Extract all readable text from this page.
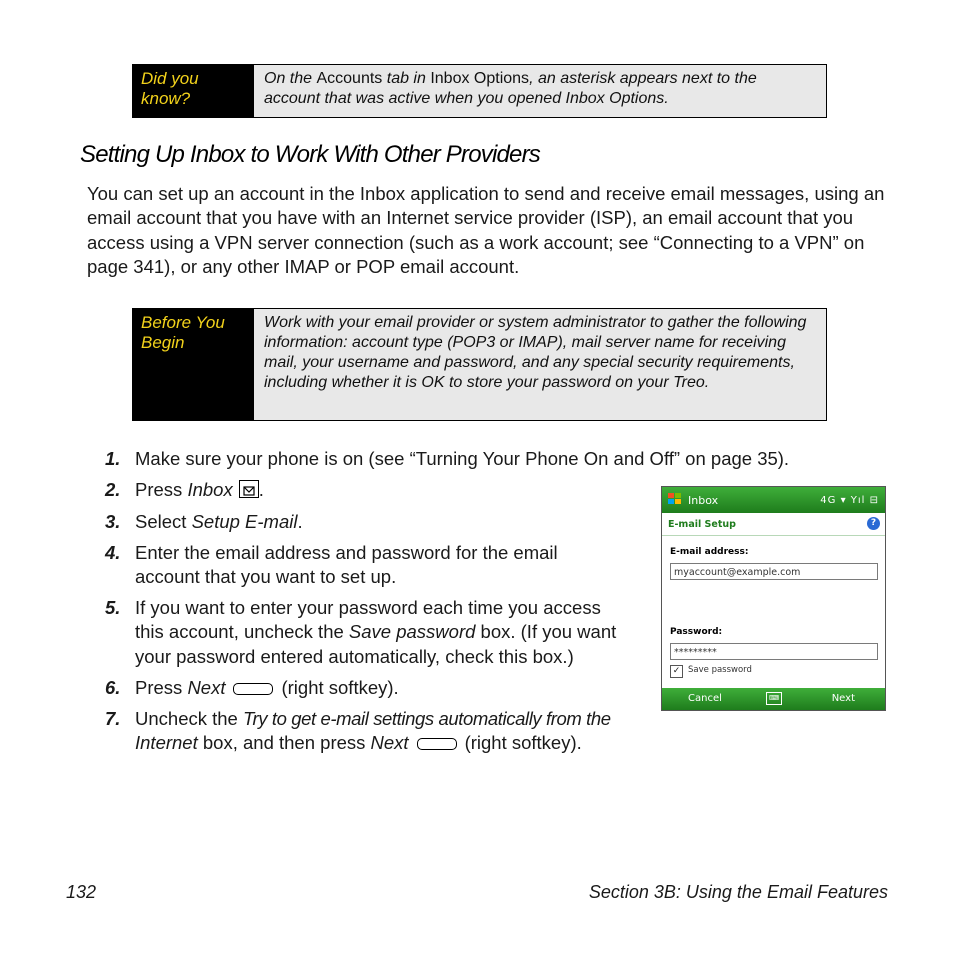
Did you know?
On the Accounts tab in Inbox Options, an asterisk appears next to the account that was active when you opened Inbox Options.
Setting Up Inbox to Work With Other Providers

You can set up an account in the Inbox application to send and receive email messages, using an email account that you have with an Internet service provider (ISP), an email account that you access using a VPN server connection (such as a work account; see “Connecting to a VPN” on page 341), or any other IMAP or POP email account.

Before You Begin
Work with your email provider or system administrator to gather the following information: account type (POP3 or IMAP), mail server name for receiving mail, your username and password, and any special security requirements, including whether it is OK to store your password on your Treo.
1. Make sure your phone is on (see “Turning Your Phone On and Off” on page 35).
2. Press Inbox .
3. Select Setup E-mail.
4. Enter the email address and password for the email
account that you want to set up.
5. If you want to enter your password each time you access
this account, uncheck the Save password box. (If you want
your password entered automatically, check this box.)
6. Press Next	(right softkey).
7. Uncheck the Try to get e-mail settings automatically from the
Internet box, and then press Next	(right softkey).
Inbox	4G ▾ Yıl ⊟
E-mail Setup	?
E-mail address:
myaccount@example.com
Password:
*********
✓ Save password
Cancel	⌨	Next
132	Section 3B: Using the Email Features
